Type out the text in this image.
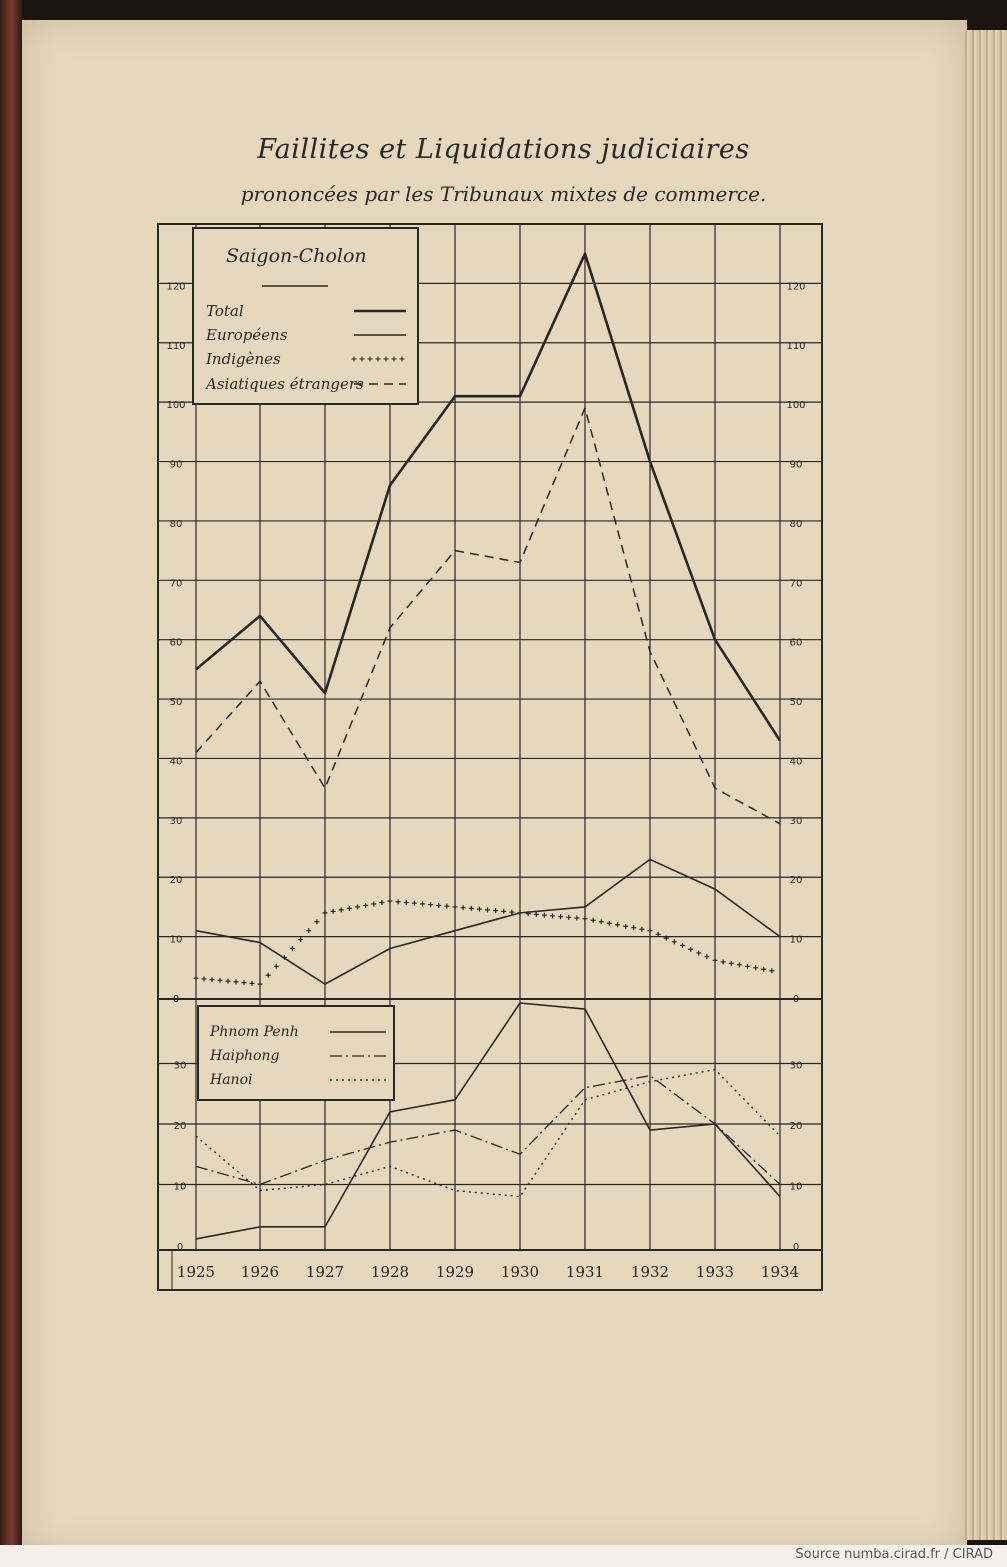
Source numba.cirad.fr / CIRAD
Faillites et Liquidations judiciaires
prononcées par les Tribunaux mixtes de commerce.
0	0
10	10
20	20
30	30
40	40
50	50
60	60
70	70
80	80
90	90
100	100
110	110
120	120
0	0
10	10
20	20
30	30
1925 1926 1927 1928 1929 1930 1931 1932 1933 1934
Saigon-Cholon
Total
Européens
Indigènes
Asiatiques étrangers
Phnom Penh
Haiphong
Hanoi
